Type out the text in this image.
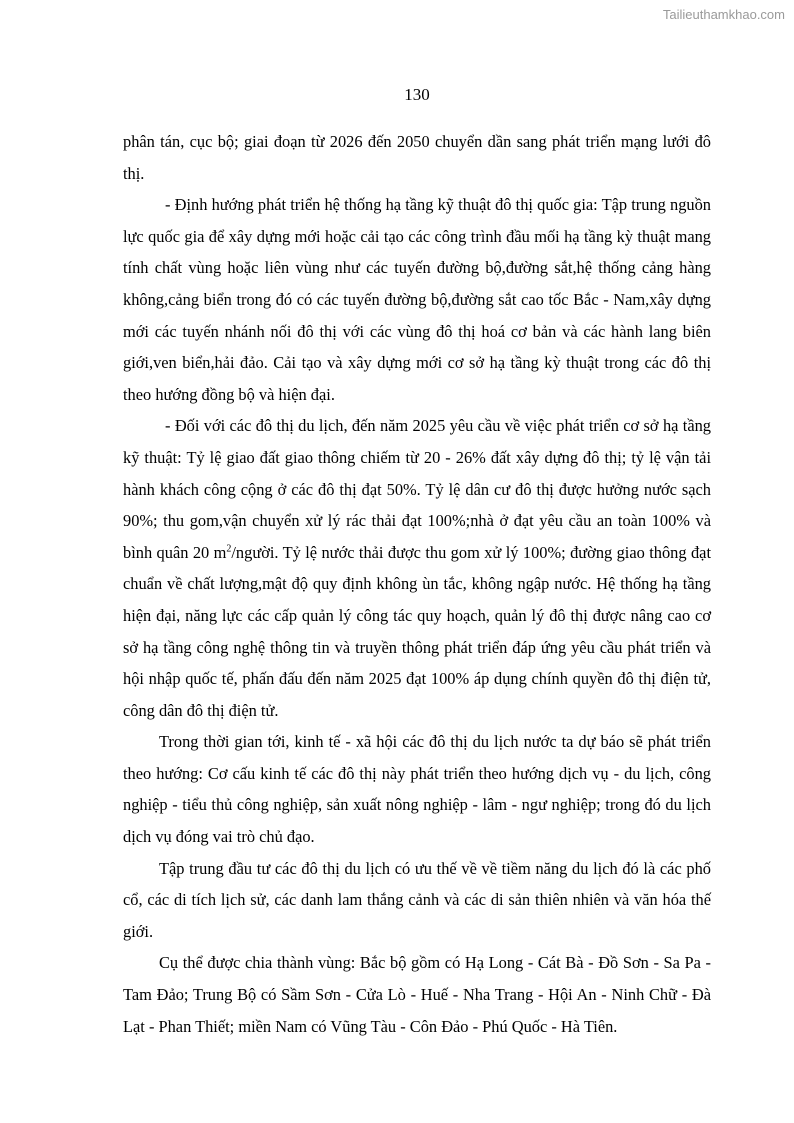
Tailieuthamkhao.com
130

phân tán, cục bộ; giai đoạn từ 2026 đến 2050 chuyển dần sang phát triển mạng lưới đô thị.

- Định hướng phát triển hệ thống hạ tầng kỹ thuật đô thị quốc gia: Tập trung nguồn lực quốc gia để xây dựng mới hoặc cải tạo các công trình đầu mối hạ tầng kỳ thuật mang tính chất vùng hoặc liên vùng như các tuyến đường bộ,đường sắt,hệ thống cảng hàng không,cảng biển trong đó có các tuyến đường bộ,đường sắt cao tốc Bắc - Nam,xây dựng mới các tuyến nhánh nối đô thị với các vùng đô thị hoá cơ bản và các hành lang biên giới,ven biển,hải đảo. Cải tạo và xây dựng mới cơ sở hạ tầng kỳ thuật trong các đô thị theo hướng đồng bộ và hiện đại.

- Đối với các đô thị du lịch, đến năm 2025 yêu cầu về việc phát triển cơ sở hạ tầng kỹ thuật: Tỷ lệ giao đất giao thông chiếm từ 20 - 26% đất xây dựng đô thị; tỷ lệ vận tải hành khách công cộng ở các đô thị đạt 50%. Tỷ lệ dân cư đô thị được hưởng nước sạch 90%; thu gom,vận chuyển xử lý rác thải đạt 100%;nhà ở đạt yêu cầu an toàn 100% và bình quân 20 $m^2$/người. Tỷ lệ nước thải được thu gom xử lý 100%; đường giao thông đạt chuẩn về chất lượng,mật độ quy định không ùn tắc, không ngập nước. Hệ thống hạ tầng hiện đại, năng lực các cấp quản lý công tác quy hoạch, quản lý đô thị được nâng cao cơ sở hạ tầng công nghệ thông tin và truyền thông phát triển đáp ứng yêu cầu phát triển và hội nhập quốc tế, phấn đấu đến năm 2025 đạt 100% áp dụng chính quyền đô thị điện tử, công dân đô thị điện tử.

Trong thời gian tới, kinh tế - xã hội các đô thị du lịch nước ta dự báo sẽ phát triển theo hướng: Cơ cấu kinh tế các đô thị này phát triển theo hướng dịch vụ - du lịch, công nghiệp - tiểu thủ công nghiệp, sản xuất nông nghiệp - lâm - ngư nghiệp; trong đó du lịch dịch vụ đóng vai trò chủ đạo.

Tập trung đầu tư các đô thị du lịch có ưu thế về về tiềm năng du lịch đó là các phố cổ, các di tích lịch sử, các danh lam thắng cảnh và các di sản thiên nhiên và văn hóa thế giới.

Cụ thể được chia thành vùng: Bắc bộ gồm có Hạ Long - Cát Bà - Đồ Sơn - Sa Pa - Tam Đảo; Trung Bộ có Sầm Sơn - Cửa Lò - Huế - Nha Trang - Hội An - Ninh Chữ - Đà Lạt - Phan Thiết; miền Nam có Vũng Tàu - Côn Đảo - Phú Quốc - Hà Tiên.
